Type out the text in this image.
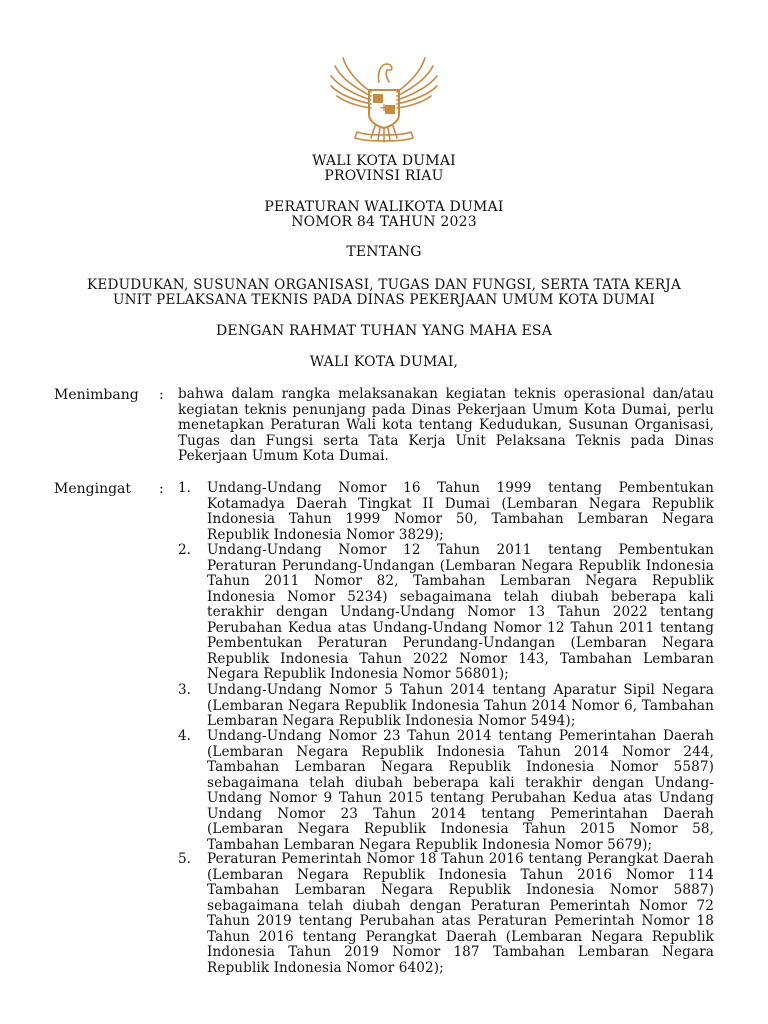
+
WALI KOTA DUMAI
PROVINSI RIAU
PERATURAN WALIKOTA DUMAI
NOMOR 84 TAHUN 2023
TENTANG
KEDUDUKAN, SUSUNAN ORGANISASI, TUGAS DAN FUNGSI, SERTA TATA KERJA
UNIT PELAKSANA TEKNIS PADA DINAS PEKERJAAN UMUM KOTA DUMAI
DENGAN RAHMAT TUHAN YANG MAHA ESA
WALI KOTA DUMAI,
Menimbang : bahwa dalam rangka melaksanakan kegiatan teknis operasional dan/atau kegiatan teknis penunjang pada Dinas Pekerjaan Umum Kota Dumai, perlu menetapkan Peraturan Wali kota tentang Kedudukan, Susunan Organisasi, Tugas dan Fungsi serta Tata Kerja Unit Pelaksana Teknis pada Dinas Pekerjaan Umum Kota Dumai.
Mengingat : 1.	Undang-Undang Nomor 16 Tahun 1999 tentang Pembentukan Kotamadya Daerah Tingkat II Dumai (Lembaran Negara Republik Indonesia Tahun 1999 Nomor 50, Tambahan Lembaran Negara Republik Indonesia Nomor 3829);
2.	Undang-Undang Nomor 12 Tahun 2011 tentang Pembentukan Peraturan Perundang-Undangan (Lembaran Negara Republik Indonesia Tahun 2011 Nomor 82, Tambahan Lembaran Negara Republik Indonesia Nomor 5234) sebagaimana telah diubah beberapa kali terakhir dengan Undang-Undang Nomor 13 Tahun 2022 tentang Perubahan Kedua atas Undang-Undang Nomor 12 Tahun 2011 tentang Pembentukan Peraturan Perundang-Undangan (Lembaran Negara Republik Indonesia Tahun 2022 Nomor 143, Tambahan Lembaran Negara Republik Indonesia Nomor 56801);
3.	Undang-Undang Nomor 5 Tahun 2014 tentang Aparatur Sipil Negara (Lembaran Negara Republik Indonesia Tahun 2014 Nomor 6, Tambahan Lembaran Negara Republik Indonesia Nomor 5494);
4.	Undang-Undang Nomor 23 Tahun 2014 tentang Pemerintahan Daerah (Lembaran Negara Republik Indonesia Tahun 2014 Nomor 244, Tambahan Lembaran Negara Republik Indonesia Nomor 5587) sebagaimana telah diubah beberapa kali terakhir dengan Undang-Undang Nomor 9 Tahun 2015 tentang Perubahan Kedua atas Undang Undang Nomor 23 Tahun 2014 tentang Pemerintahan Daerah (Lembaran Negara Republik Indonesia Tahun 2015 Nomor 58, Tambahan Lembaran Negara Republik Indonesia Nomor 5679);
5.	Peraturan Pemerintah Nomor 18 Tahun 2016 tentang Perangkat Daerah (Lembaran Negara Republik Indonesia Tahun 2016 Nomor 114 Tambahan Lembaran Negara Republik Indonesia Nomor 5887) sebagaimana telah diubah dengan Peraturan Pemerintah Nomor 72 Tahun 2019 tentang Perubahan atas Peraturan Pemerintah Nomor 18 Tahun 2016 tentang Perangkat Daerah (Lembaran Negara Republik Indonesia Tahun 2019 Nomor 187 Tambahan Lembaran Negara Republik Indonesia Nomor 6402);
